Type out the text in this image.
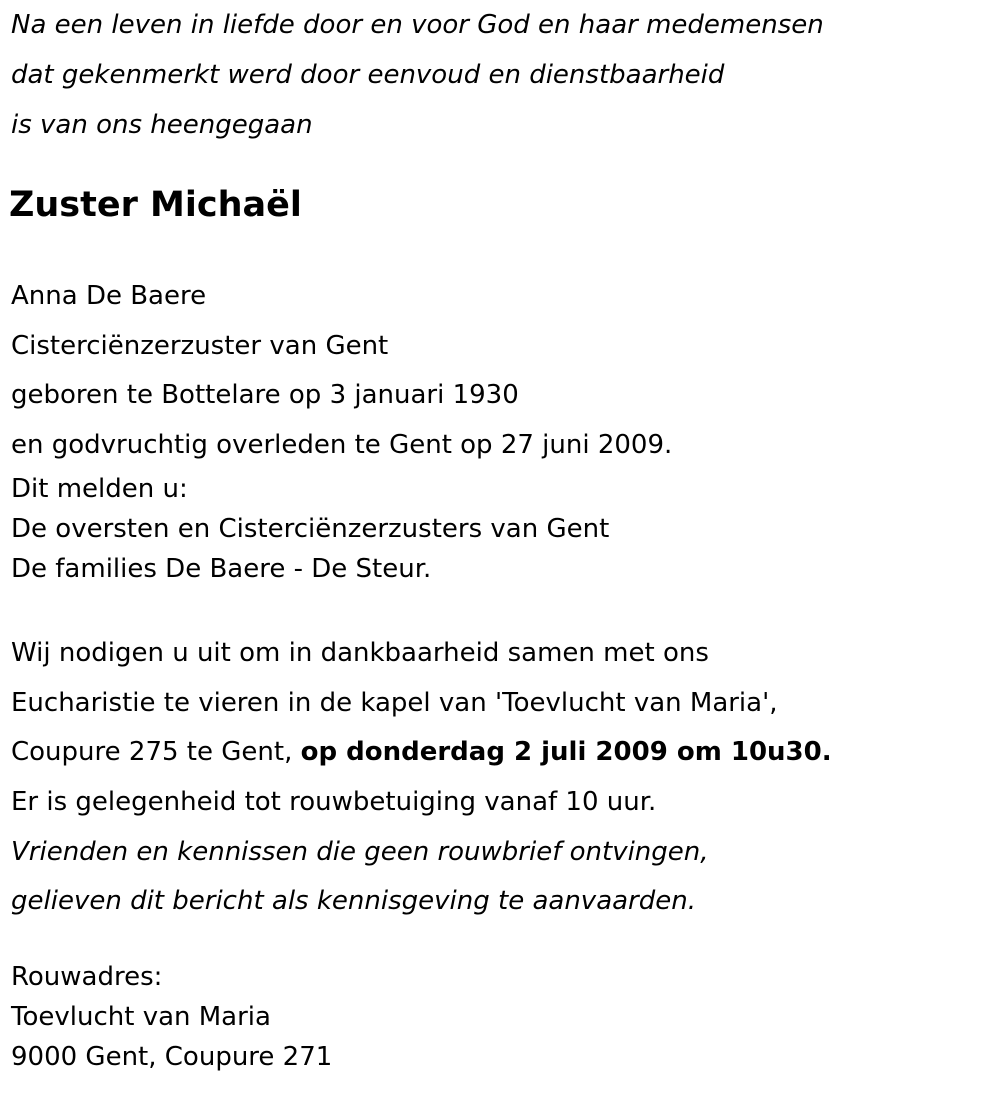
Na een leven in liefde door en voor God en haar medemensen
dat gekenmerkt werd door eenvoud en dienstbaarheid
is van ons heengegaan
Zuster Michaël
Anna De Baere
Cisterciënzerzuster van Gent
geboren te Bottelare op 3 januari 1930
en godvruchtig overleden te Gent op 27 juni 2009.
Dit melden u:
De oversten en Cisterciënzerzusters van Gent
De families De Baere - De Steur.
Wij nodigen u uit om in dankbaarheid samen met ons
Eucharistie te vieren in de kapel van 'Toevlucht van Maria',
Coupure 275 te Gent, op donderdag 2 juli 2009 om 10u30.
Er is gelegenheid tot rouwbetuiging vanaf 10 uur.
Vrienden en kennissen die geen rouwbrief ontvingen,
gelieven dit bericht als kennisgeving te aanvaarden.
Rouwadres:
Toevlucht van Maria
9000 Gent, Coupure 271
